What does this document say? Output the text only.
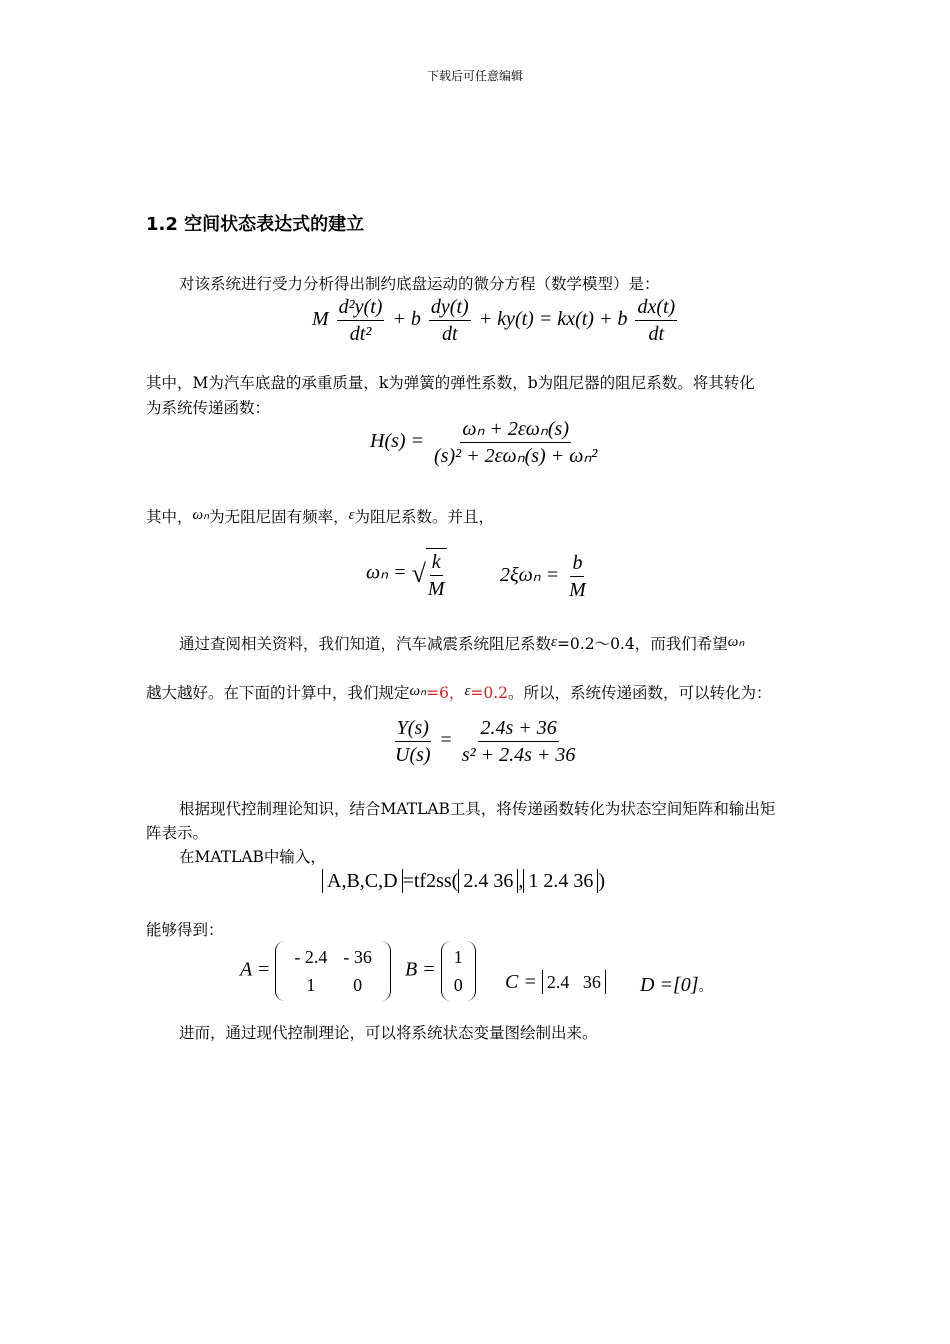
下载后可任意编辑
1.2 空间状态表达式的建立
对该系统进行受力分析得出制约底盘运动的微分方程（数学模型）是：
M $\frac{\text{d²y(t)}}{\text{dt²}} + b \frac{dy(t)}{dt} + ky(t) = kx(t) + b \frac{dx(t)}{dt}$
其中，M为汽车底盘的承重质量，k为弹簧的弹性系数，b为阻尼器的阻尼系数。将其转化
为系统传递函数：
H(s) =
ωₙ + 2εωₙ(s)
(s)² + 2εωₙ(s) + ωₙ²
其中，ωₙ为无阻尼固有频率，ε为阻尼系数。并且，
ωₙ = √ $\frac{k}{M}$	$2\xi\omega_n = \frac{b}{M}$
通过查阅相关资料，我们知道，汽车减震系统阻尼系数ε=0.2～0.4，而我们希望ωₙ
越大越好。在下面的计算中，我们规定ωₙ=6，ε=0.2。所以，系统传递函数，可以转化为：
$\frac{Y(s)}{U(s)} = \frac{2.4s + 36}{\text{s² + 2.4s + 36}}$
根据现代控制理论知识，结合MATLAB工具，将传递函数转化为状态空间矩阵和输出矩
阵表示。
在MATLAB中输入，
A,B,C,D =tf2ss( 2.4 36 , 1 2.4 36 )
能够得到：
A =
- 2.4	- 36
1	0
B =
1
0 C = 2.4   36 D =[0]。
进而，通过现代控制理论，可以将系统状态变量图绘制出来。
